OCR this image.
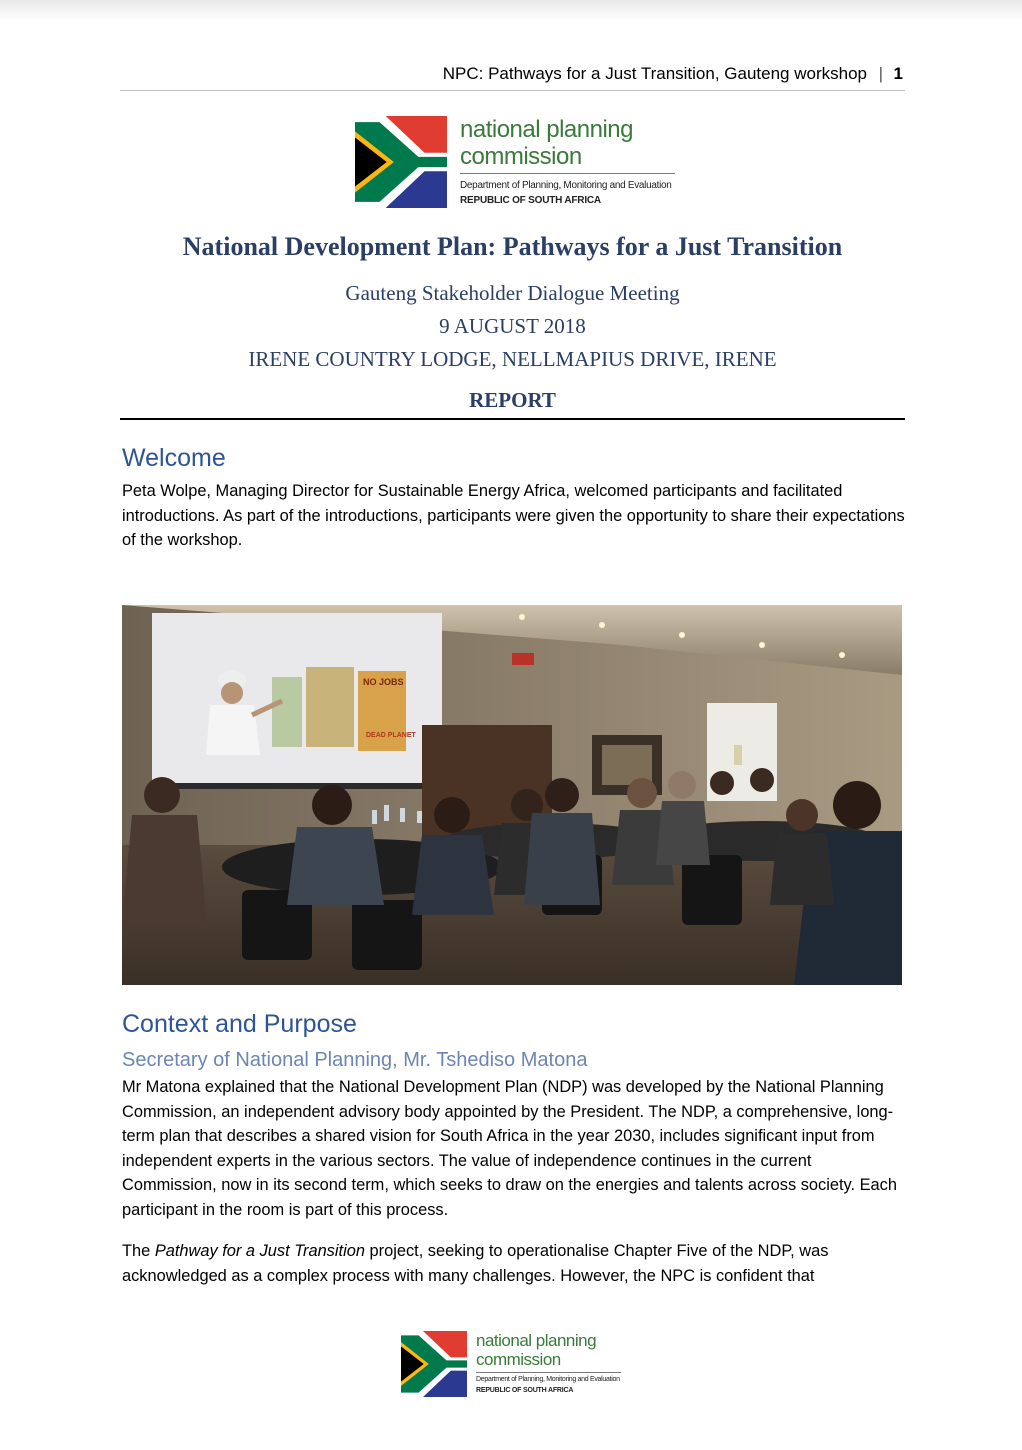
NPC: Pathways for a Just Transition, Gauteng workshop | 1
national planning
commission
Department of Planning, Monitoring and Evaluation
REPUBLIC OF SOUTH AFRICA
National Development Plan: Pathways for a Just Transition
Gauteng Stakeholder Dialogue Meeting
9 AUGUST 2018
IRENE COUNTRY LODGE, NELLMAPIUS DRIVE, IRENE
REPORT
Welcome

Peta Wolpe, Managing Director for Sustainable Energy Africa, welcomed participants and facilitated introductions. As part of the introductions, participants were given the opportunity to share their expectations of the workshop.

NO JOBS
DEAD PLANET
Context and Purpose
Secretary of National Planning, Mr. Tshediso Matona

Mr Matona explained that the National Development Plan (NDP) was developed by the National Planning Commission, an independent advisory body appointed by the President. The NDP, a comprehensive, long-term plan that describes a shared vision for South Africa in the year 2030, includes significant input from independent experts in the various sectors. The value of independence continues in the current Commission, now in its second term, which seeks to draw on the energies and talents across society. Each participant in the room is part of this process.

The Pathway for a Just Transition project, seeking to operationalise Chapter Five of the NDP, was acknowledged as a complex process with many challenges. However, the NPC is confident that

national planning
commission
Department of Planning, Monitoring and Evaluation
REPUBLIC OF SOUTH AFRICA
